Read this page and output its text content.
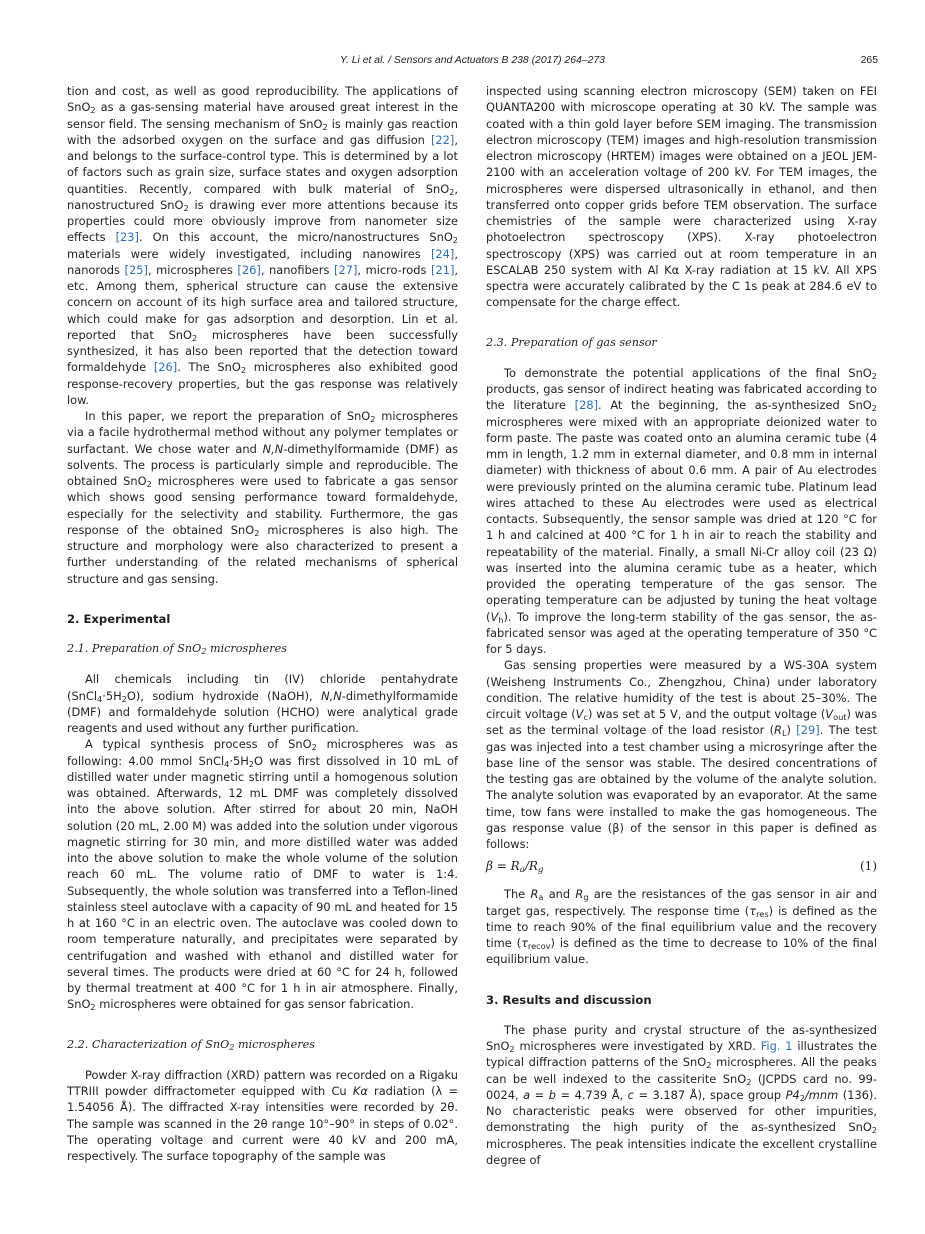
Y. Li et al. / Sensors and Actuators B 238 (2017) 264–273	265

tion and cost, as well as good reproducibility. The applications of SnO$_2$ as a gas-sensing material have aroused great interest in the sensor field. The sensing mechanism of SnO$_2$ is mainly gas reaction with the adsorbed oxygen on the surface and gas diffusion [22], and belongs to the surface-control type. This is determined by a lot of factors such as grain size, surface states and oxygen adsorption quantities. Recently, compared with bulk material of SnO$_2$, nanostructured SnO$_2$ is drawing ever more attentions because its properties could more obviously improve from nanometer size effects [23]. On this account, the micro/nanostructures SnO$_2$ materials were widely investigated, including nanowires [24], nanorods [25], microspheres [26], nanofibers [27], micro-rods [21], etc. Among them, spherical structure can cause the extensive concern on account of its high surface area and tailored structure, which could make for gas adsorption and desorption. Lin et al. reported that SnO$_2$ microspheres have been successfully synthesized, it has also been reported that the detection toward formaldehyde [26]. The SnO$_2$ microspheres also exhibited good response-recovery properties, but the gas response was relatively low.

In this paper, we report the preparation of SnO$_2$ microspheres via a facile hydrothermal method without any polymer templates or surfactant. We chose water and N,N-dimethylformamide (DMF) as solvents. The process is particularly simple and reproducible. The obtained SnO$_2$ microspheres were used to fabricate a gas sensor which shows good sensing performance toward formaldehyde, especially for the selectivity and stability. Furthermore, the gas response of the obtained SnO$_2$ microspheres is also high. The structure and morphology were also characterized to present a further understanding of the related mechanisms of spherical structure and gas sensing.

2. Experimental
2.1. Preparation of SnO$_2$ microspheres

All chemicals including tin (IV) chloride pentahydrate $(SnCl_4\cdot 5H_2O)$, sodium hydroxide (NaOH), N,N-dimethylformamide (DMF) and formaldehyde solution (HCHO) were analytical grade reagents and used without any further purification.

A typical synthesis process of SnO$_2$ microspheres was as following: 4.00 mmol $SnCl_4\cdot 5H_2O$ was first dissolved in 10 mL of distilled water under magnetic stirring until a homogenous solution was obtained. Afterwards, 12 mL DMF was completely dissolved into the above solution. After stirred for about 20 min, NaOH solution (20 mL, 2.00 M) was added into the solution under vigorous magnetic stirring for 30 min, and more distilled water was added into the above solution to make the whole volume of the solution reach 60 mL. The volume ratio of DMF to water is 1:4. Subsequently, the whole solution was transferred into a Teflon-lined stainless steel autoclave with a capacity of 90 mL and heated for 15 h at 160 °C in an electric oven. The autoclave was cooled down to room temperature naturally, and precipitates were separated by centrifugation and washed with ethanol and distilled water for several times. The products were dried at 60 °C for 24 h, followed by thermal treatment at 400 °C for 1 h in air atmosphere. Finally, SnO$_2$ microspheres were obtained for gas sensor fabrication.

2.2. Characterization of SnO$_2$ microspheres

Powder X-ray diffraction (XRD) pattern was recorded on a Rigaku TTRIII powder diffractometer equipped with Cu Kα radiation (λ = 1.54056 Å). The diffracted X-ray intensities were recorded by 2θ. The sample was scanned in the 2θ range 10°–90° in steps of 0.02°. The operating voltage and current were 40 kV and 200 mA, respectively. The surface topography of the sample was

inspected using scanning electron microscopy (SEM) taken on FEI QUANTA200 with microscope operating at 30 kV. The sample was coated with a thin gold layer before SEM imaging. The transmission electron microscopy (TEM) images and high-resolution transmission electron microscopy (HRTEM) images were obtained on a JEOL JEM-2100 with an acceleration voltage of 200 kV. For TEM images, the microspheres were dispersed ultrasonically in ethanol, and then transferred onto copper grids before TEM observation. The surface chemistries of the sample were characterized using X-ray photoelectron spectroscopy (XPS). X-ray photoelectron spectroscopy (XPS) was carried out at room temperature in an ESCALAB 250 system with Al Kα X-ray radiation at 15 kV. All XPS spectra were accurately calibrated by the C 1s peak at 284.6 eV to compensate for the charge effect.

2.3. Preparation of gas sensor

To demonstrate the potential applications of the final SnO$_2$ products, gas sensor of indirect heating was fabricated according to the literature [28]. At the beginning, the as-synthesized SnO$_2$ microspheres were mixed with an appropriate deionized water to form paste. The paste was coated onto an alumina ceramic tube (4 mm in length, 1.2 mm in external diameter, and 0.8 mm in internal diameter) with thickness of about 0.6 mm. A pair of Au electrodes were previously printed on the alumina ceramic tube. Platinum lead wires attached to these Au electrodes were used as electrical contacts. Subsequently, the sensor sample was dried at 120 °C for 1 h and calcined at 400 °C for 1 h in air to reach the stability and repeatability of the material. Finally, a small Ni-Cr alloy coil (23 Ω) was inserted into the alumina ceramic tube as a heater, which provided the operating temperature of the gas sensor. The operating temperature can be adjusted by tuning the heat voltage $(V_h)$. To improve the long-term stability of the gas sensor, the as-fabricated sensor was aged at the operating temperature of 350 °C for 5 days.

Gas sensing properties were measured by a WS-30A system (Weisheng Instruments Co., Zhengzhou, China) under laboratory condition. The relative humidity of the test is about 25–30%. The circuit voltage $(V_c)$ was set at 5 V, and the output voltage $(V_{out})$ was set as the terminal voltage of the load resistor $(R_L)$ [29]. The test gas was injected into a test chamber using a microsyringe after the base line of the sensor was stable. The desired concentrations of the testing gas are obtained by the volume of the analyte solution. The analyte solution was evaporated by an evaporator. At the same time, tow fans were installed to make the gas homogeneous. The gas response value (β) of the sensor in this paper is defined as follows:

$\beta = R_a/R_g$	(1)

The $R_a$ and $R_g$ are the resistances of the gas sensor in air and target gas, respectively. The response time $(\tau_{res})$ is defined as the time to reach 90% of the final equilibrium value and the recovery time $(\tau_{recov})$ is defined as the time to decrease to 10% of the final equilibrium value.

3. Results and discussion

The phase purity and crystal structure of the as-synthesized SnO$_2$ microspheres were investigated by XRD. Fig. 1 illustrates the typical diffraction patterns of the SnO$_2$ microspheres. All the peaks can be well indexed to the cassiterite SnO$_2$ (JCPDS card no. 99-0024, a = b = 4.739 Å, c = 3.187 Å), space group $P4_2$/mnm (136). No characteristic peaks were observed for other impurities, demonstrating the high purity of the as-synthesized SnO$_2$ microspheres. The peak intensities indicate the excellent crystalline degree of
